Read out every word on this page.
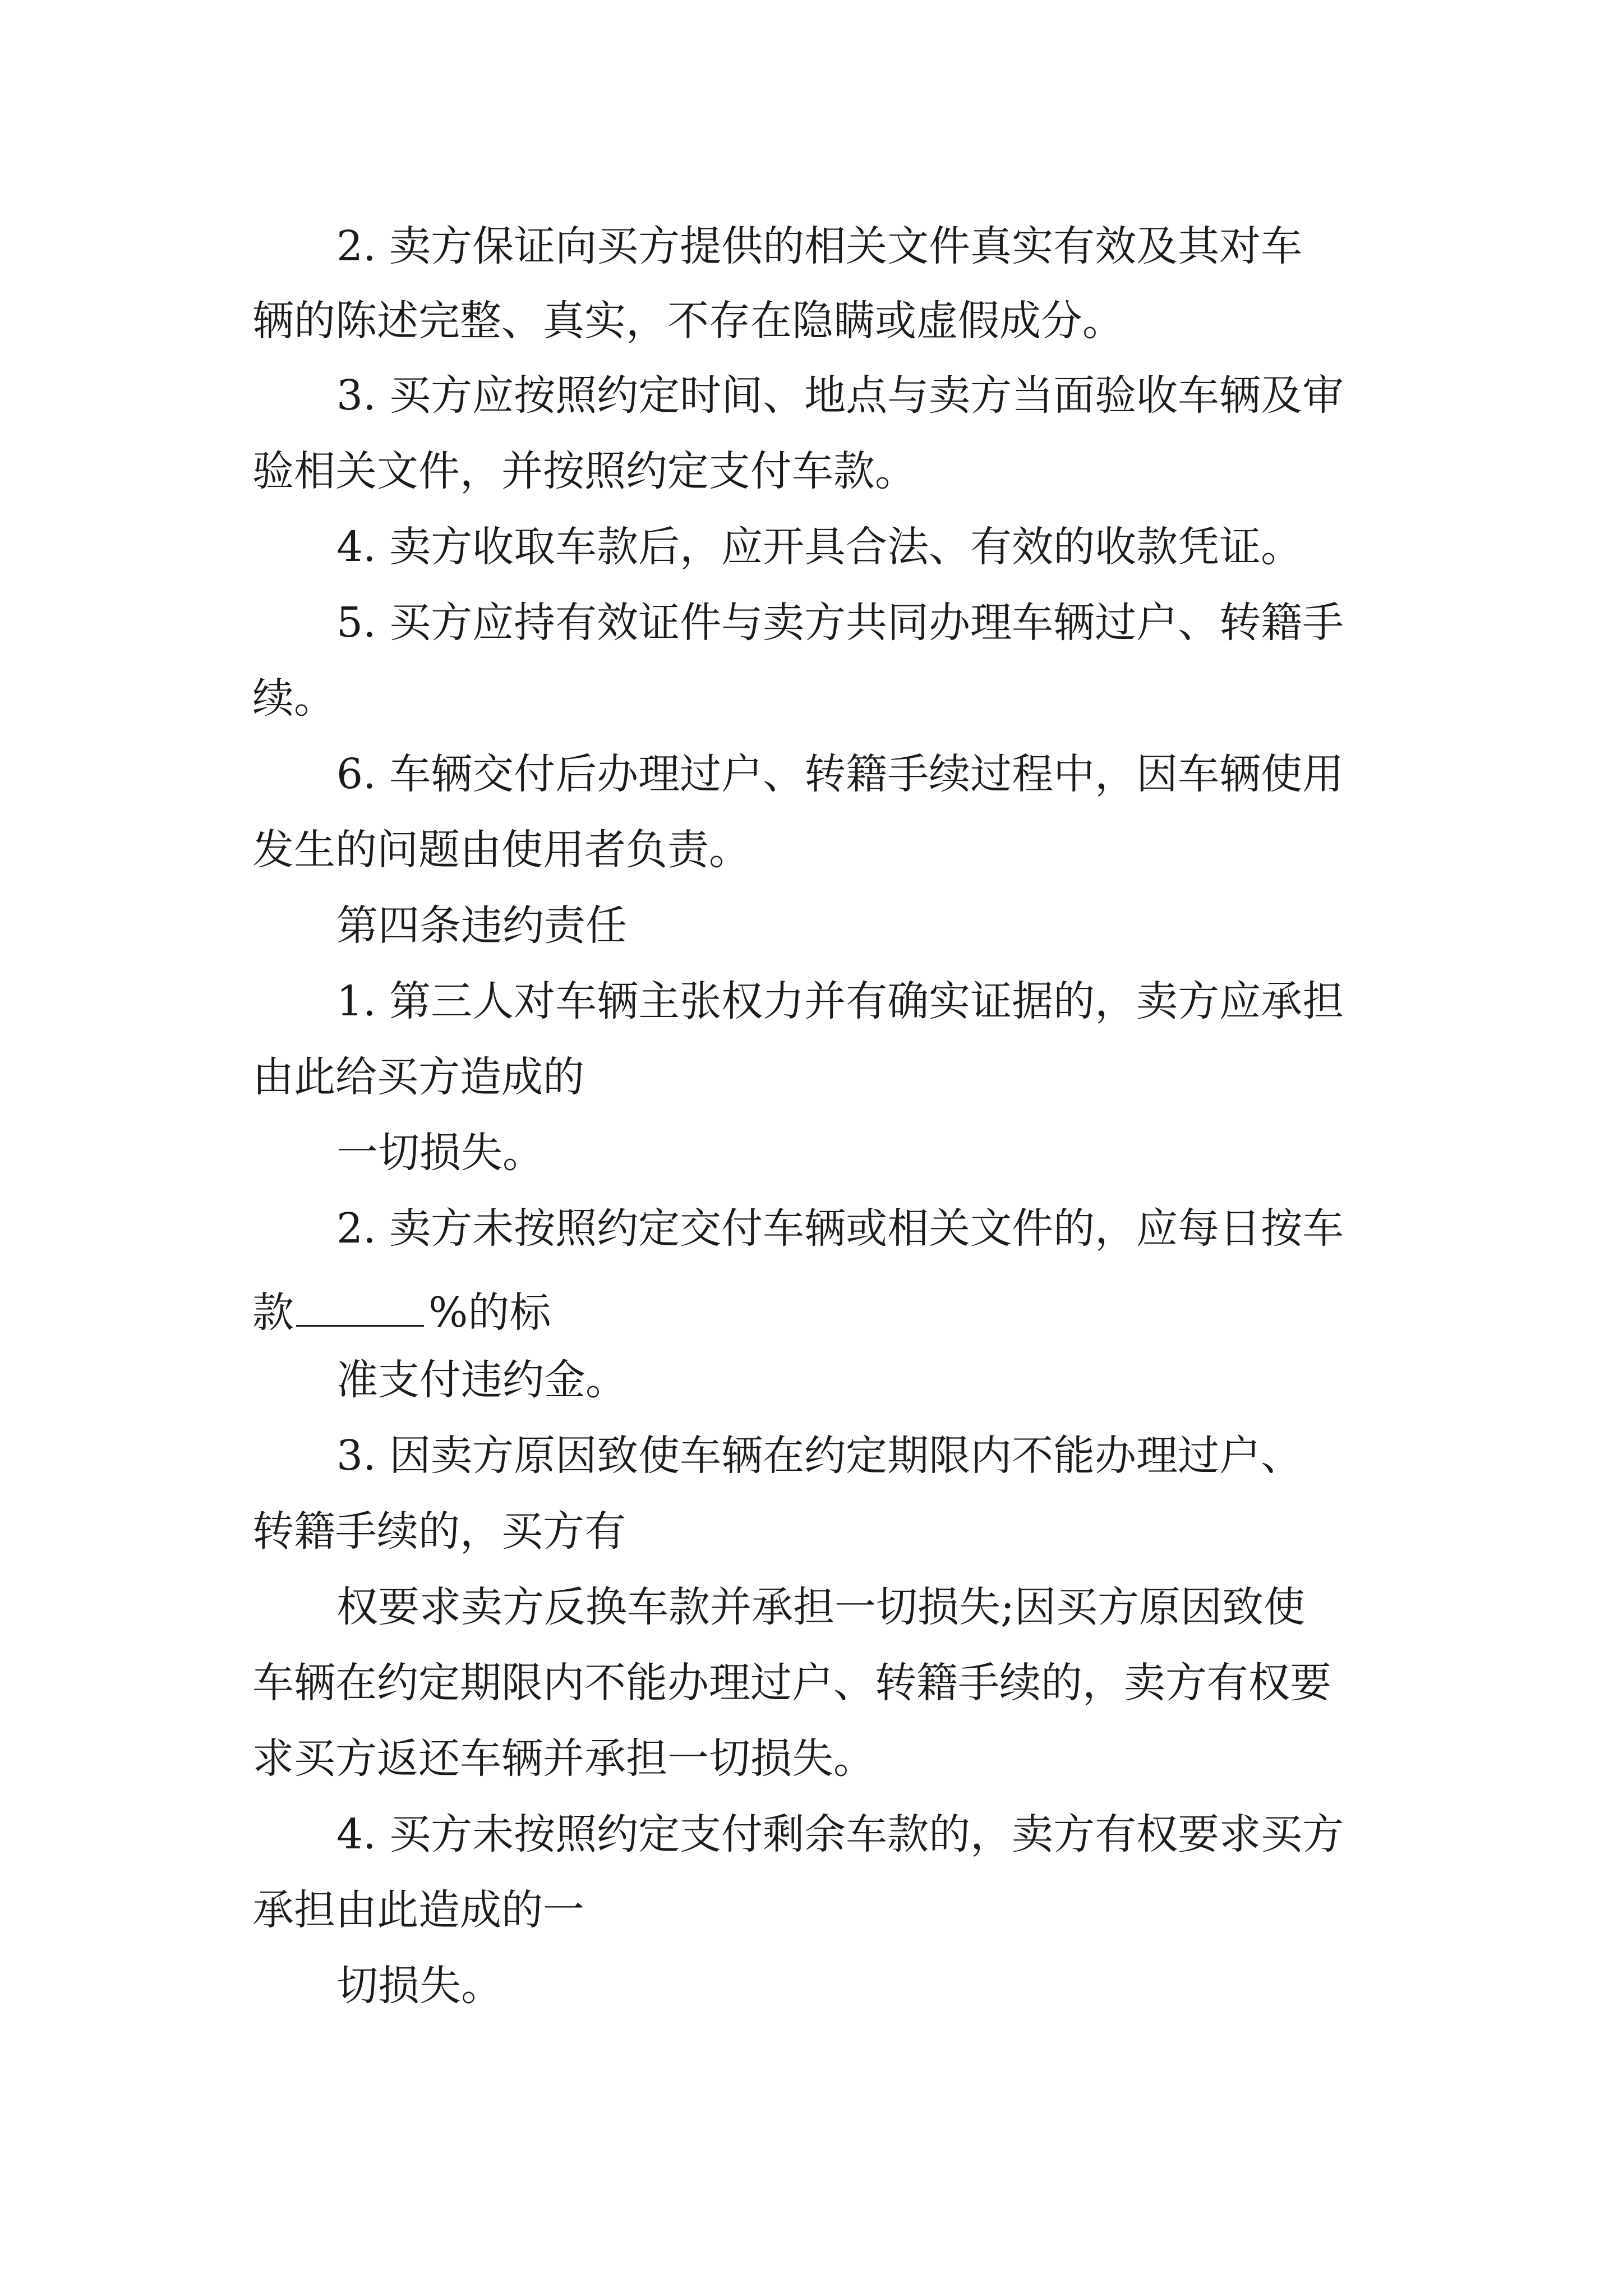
2. 卖方保证向买方提供的相关文件真实有效及其对车
辆的陈述完整、真实，不存在隐瞒或虚假成分。
3. 买方应按照约定时间、地点与卖方当面验收车辆及审
验相关文件，并按照约定支付车款。
4. 卖方收取车款后，应开具合法、有效的收款凭证。
5. 买方应持有效证件与卖方共同办理车辆过户、转籍手
续。
6. 车辆交付后办理过户、转籍手续过程中，因车辆使用
发生的问题由使用者负责。
第四条违约责任
1. 第三人对车辆主张权力并有确实证据的，卖方应承担
由此给买方造成的
一切损失。
2. 卖方未按照约定交付车辆或相关文件的，应每日按车
款	%的标
准支付违约金。
3. 因卖方原因致使车辆在约定期限内不能办理过户、
转籍手续的，买方有
权要求卖方反换车款并承担一切损失;因买方原因致使
车辆在约定期限内不能办理过户、转籍手续的，卖方有权要
求买方返还车辆并承担一切损失。
4. 买方未按照约定支付剩余车款的，卖方有权要求买方
承担由此造成的一
切损失。
